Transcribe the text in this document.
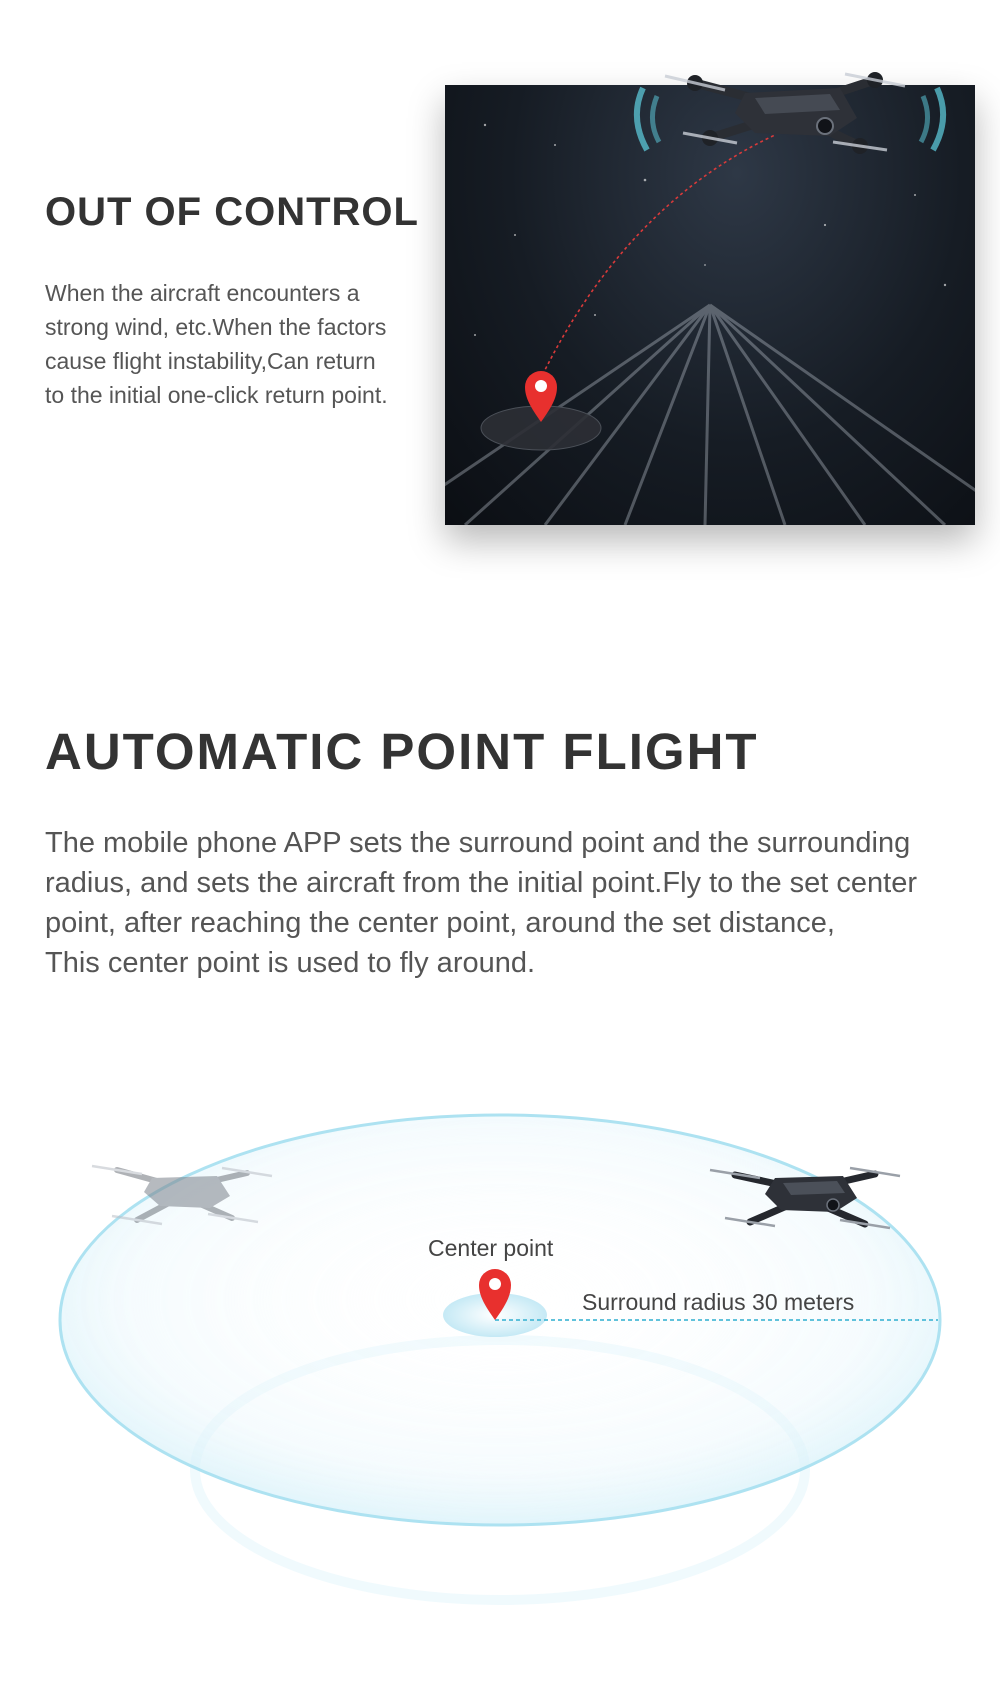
OUT OF CONTROL

When the aircraft encounters a
strong wind, etc.When the factors
cause flight instability,Can return
to the initial one-click return point.

AUTOMATIC POINT FLIGHT

The mobile phone APP sets the surround point and the surrounding
radius, and sets the aircraft from the initial point.Fly to the set center
point, after reaching the center point, around the set distance,
This center point is used to fly around.

Center point
Surround radius 30 meters
